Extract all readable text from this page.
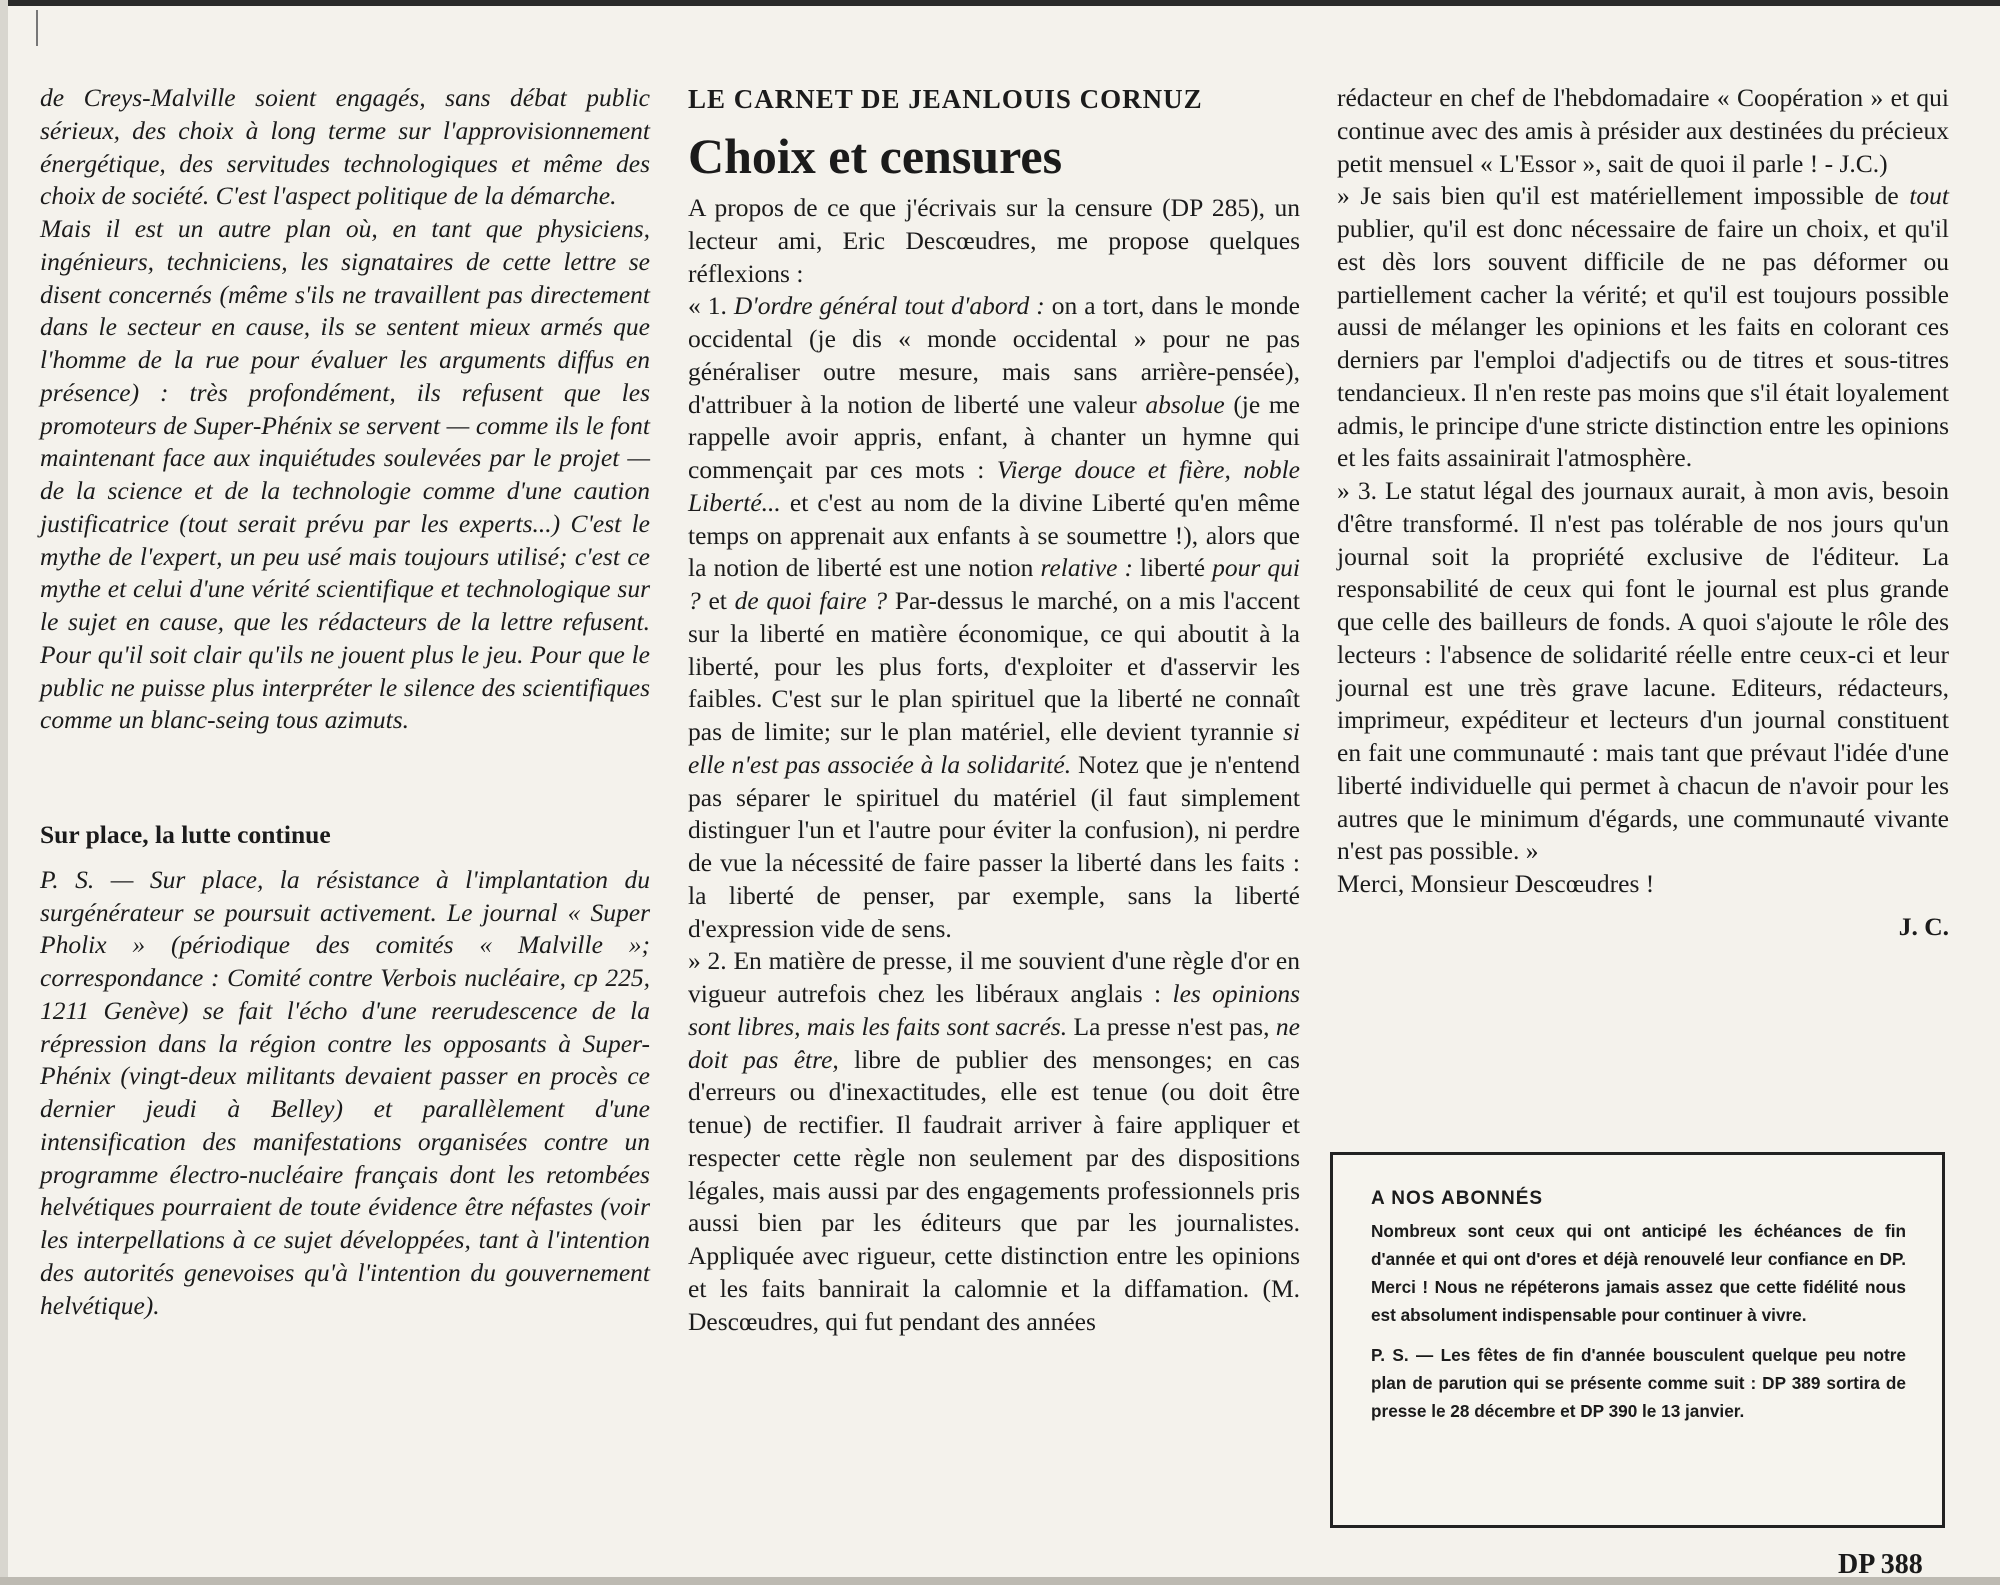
de Creys-Malville soient engagés, sans débat public sérieux, des choix à long terme sur l'approvisionnement énergétique, des servitudes technologiques et même des choix de société. C'est l'aspect politique de la démarche.

Mais il est un autre plan où, en tant que physiciens, ingénieurs, techniciens, les signataires de cette lettre se disent concernés (même s'ils ne travaillent pas directement dans le secteur en cause, ils se sentent mieux armés que l'homme de la rue pour évaluer les arguments diffus en présence) : très profondément, ils refusent que les promoteurs de Super-Phénix se servent — comme ils le font maintenant face aux inquiétudes soulevées par le projet — de la science et de la technologie comme d'une caution justificatrice (tout serait prévu par les experts...) C'est le mythe de l'expert, un peu usé mais toujours utilisé; c'est ce mythe et celui d'une vérité scientifique et technologique sur le sujet en cause, que les rédacteurs de la lettre refusent. Pour qu'il soit clair qu'ils ne jouent plus le jeu. Pour que le public ne puisse plus interpréter le silence des scientifiques comme un blanc-seing tous azimuts.

Sur place, la lutte continue

P. S. — Sur place, la résistance à l'implantation du surgénérateur se poursuit activement. Le journal « Super Pholix » (périodique des comités « Malville »; correspondance : Comité contre Verbois nucléaire, cp 225, 1211 Genève) se fait l'écho d'une reerudescence de la répression dans la région contre les opposants à Super-Phénix (vingt-deux militants devaient passer en procès ce dernier jeudi à Belley) et parallèlement d'une intensification des manifestations organisées contre un programme électro-nucléaire français dont les retombées helvétiques pourraient de toute évidence être néfastes (voir les interpellations à ce sujet développées, tant à l'intention des autorités genevoises qu'à l'intention du gouvernement helvétique).

LE CARNET DE JEANLOUIS CORNUZ
Choix et censures

A propos de ce que j'écrivais sur la censure (DP 285), un lecteur ami, Eric Descœudres, me propose quelques réflexions :

« 1. D'ordre général tout d'abord : on a tort, dans le monde occidental (je dis « monde occidental » pour ne pas généraliser outre mesure, mais sans arrière-pensée), d'attribuer à la notion de liberté une valeur absolue (je me rappelle avoir appris, enfant, à chanter un hymne qui commençait par ces mots : Vierge douce et fière, noble Liberté... et c'est au nom de la divine Liberté qu'en même temps on apprenait aux enfants à se soumettre !), alors que la notion de liberté est une notion relative : liberté pour qui ? et de quoi faire ? Par-dessus le marché, on a mis l'accent sur la liberté en matière économique, ce qui aboutit à la liberté, pour les plus forts, d'exploiter et d'asservir les faibles. C'est sur le plan spirituel que la liberté ne connaît pas de limite; sur le plan matériel, elle devient tyrannie si elle n'est pas associée à la solidarité. Notez que je n'entend pas séparer le spirituel du matériel (il faut simplement distinguer l'un et l'autre pour éviter la confusion), ni perdre de vue la nécessité de faire passer la liberté dans les faits : la liberté de penser, par exemple, sans la liberté d'expression vide de sens.

» 2. En matière de presse, il me souvient d'une règle d'or en vigueur autrefois chez les libéraux anglais : les opinions sont libres, mais les faits sont sacrés. La presse n'est pas, ne doit pas être, libre de publier des mensonges; en cas d'erreurs ou d'inexactitudes, elle est tenue (ou doit être tenue) de rectifier. Il faudrait arriver à faire appliquer et respecter cette règle non seulement par des dispositions légales, mais aussi par des engagements professionnels pris aussi bien par les éditeurs que par les journalistes. Appliquée avec rigueur, cette distinction entre les opinions et les faits bannirait la calomnie et la diffamation. (M. Descœudres, qui fut pendant des années

rédacteur en chef de l'hebdomadaire « Coopération » et qui continue avec des amis à présider aux destinées du précieux petit mensuel « L'Essor », sait de quoi il parle ! - J.C.)

» Je sais bien qu'il est matériellement impossible de tout publier, qu'il est donc nécessaire de faire un choix, et qu'il est dès lors souvent difficile de ne pas déformer ou partiellement cacher la vérité; et qu'il est toujours possible aussi de mélanger les opinions et les faits en colorant ces derniers par l'emploi d'adjectifs ou de titres et sous-titres tendancieux. Il n'en reste pas moins que s'il était loyalement admis, le principe d'une stricte distinction entre les opinions et les faits assainirait l'atmosphère.

» 3. Le statut légal des journaux aurait, à mon avis, besoin d'être transformé. Il n'est pas tolérable de nos jours qu'un journal soit la propriété exclusive de l'éditeur. La responsabilité de ceux qui font le journal est plus grande que celle des bailleurs de fonds. A quoi s'ajoute le rôle des lecteurs : l'absence de solidarité réelle entre ceux-ci et leur journal est une très grave lacune. Editeurs, rédacteurs, imprimeur, expéditeur et lecteurs d'un journal constituent en fait une communauté : mais tant que prévaut l'idée d'une liberté individuelle qui permet à chacun de n'avoir pour les autres que le minimum d'égards, une communauté vivante n'est pas possible. »

Merci, Monsieur Descœudres !

J. C.

A NOS ABONNÉS

Nombreux sont ceux qui ont anticipé les échéances de fin d'année et qui ont d'ores et déjà renouvelé leur confiance en DP. Merci ! Nous ne répéterons jamais assez que cette fidélité nous est absolument indispensable pour continuer à vivre.

P. S. — Les fêtes de fin d'année bousculent quelque peu notre plan de parution qui se présente comme suit : DP 389 sortira de presse le 28 décembre et DP 390 le 13 janvier.

DP 388
